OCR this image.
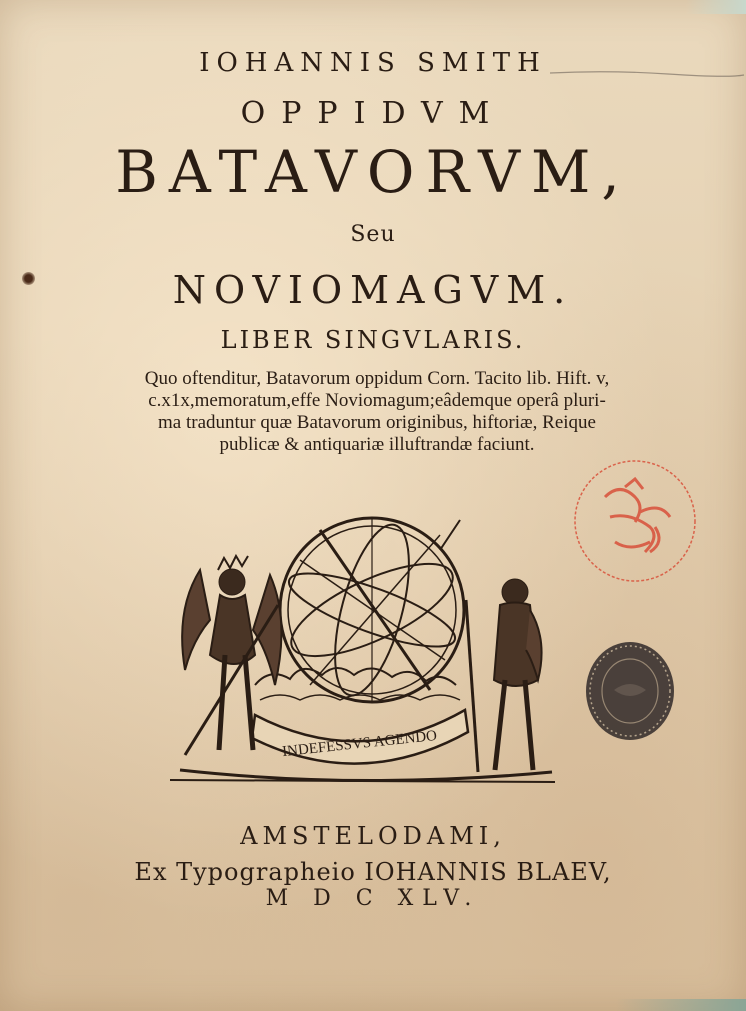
IOHANNIS SMITH
OPPIDVM
BATAVORVM,
Seu
NOVIOMAGVM.
LIBER SINGVLARIS.
Quo oftenditur, Batavorum oppidum Corn. Tacito lib. Hift. v,
c.x1x,memoratum,effe Noviomagum;eâdemque operâ pluri-
ma traduntur quæ Batavorum originibus, hiftoriæ, Reique
publicæ & antiquariæ illuftrandæ faciunt.
INDEFESSVS AGENDO
AMSTELODAMI,
Ex Typographeio IOHANNIS BLAEV,
M D C XLV.
